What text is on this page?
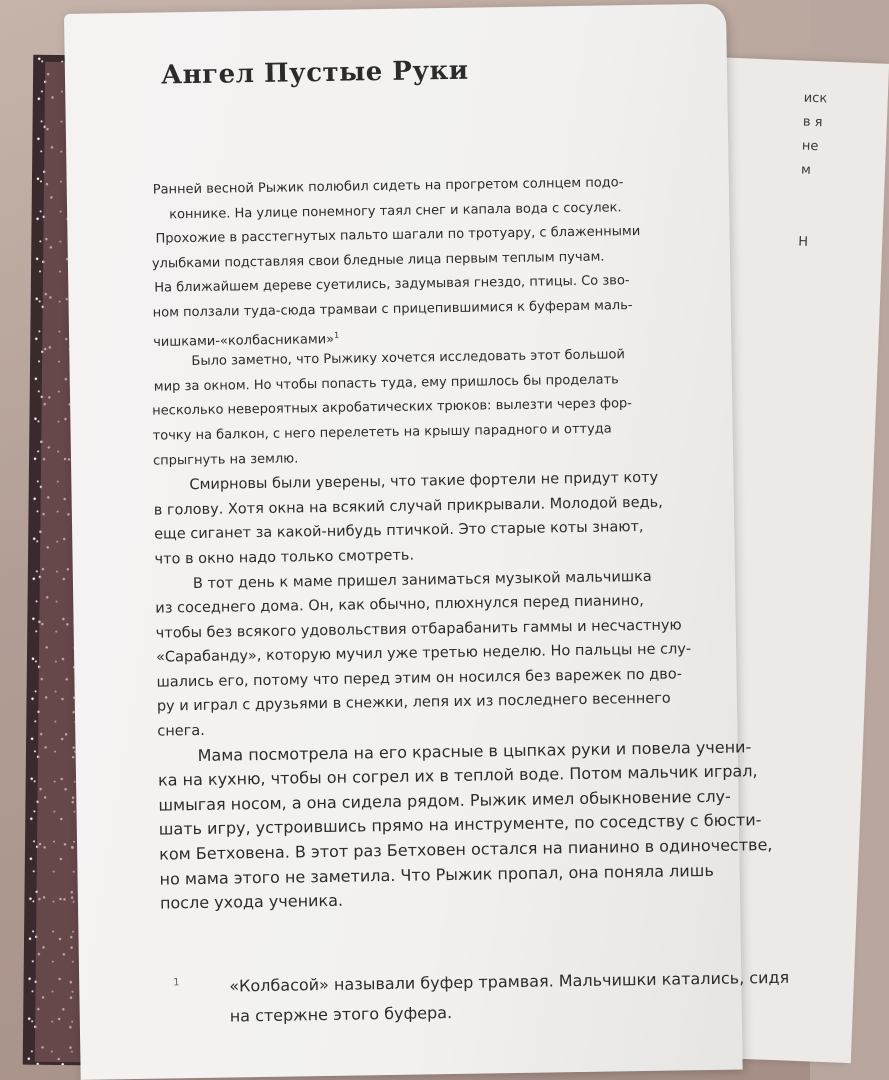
иск
в я
не
м

Н
Ангел Пустые Руки
Ранней весной Рыжик полюбил сидеть на прогретом солнцем подо-
коннике. На улице понемногу таял снег и капала вода с сосулек.
Прохожие в расстегнутых пальто шагали по тротуару, с блаженными
улыбками подставляя свои бледные лица первым теплым пучам.
На ближайшем дереве суетились, задумывая гнездо, птицы. Со зво-
ном ползали туда-сюда трамваи с прицепившимися к буферам маль-
чишками-«колбасниками»$^1$
Было заметно, что Рыжику хочется исследовать этот большой
мир за окном. Но чтобы попасть туда, ему пришлось бы проделать
несколько невероятных акробатических трюков: вылезти через фор-
точку на балкон, с него перелететь на крышу парадного и оттуда
спрыгнуть на землю.
Смирновы были уверены, что такие фортели не придут коту
в голову. Хотя окна на всякий случай прикрывали. Молодой ведь,
еще сиганет за какой-нибудь птичкой. Это старые коты знают,
что в окно надо только смотреть.
В тот день к маме пришел заниматься музыкой мальчишка
из соседнего дома. Он, как обычно, плюхнулся перед пианино,
чтобы без всякого удовольствия отбарабанить гаммы и несчастную
«Сарабанду», которую мучил уже третью неделю. Но пальцы не слу-
шались его, потому что перед этим он носился без варежек по дво-
ру и играл с друзьями в снежки, лепя их из последнего весеннего
снега.
Мама посмотрела на его красные в цыпках руки и повела учени-
ка на кухню, чтобы он согрел их в теплой воде. Потом мальчик играл,
шмыгая носом, а она сидела рядом. Рыжик имел обыкновение слу-
шать игру, устроившись прямо на инструменте, по соседству с бюсти-
ком Бетховена. В этот раз Бетховен остался на пианино в одиночестве,
но мама этого не заметила. Что Рыжик пропал, она поняла лишь
после ухода ученика.
1	«Колбасой» называли буфер трамвая. Мальчишки катались, сидя
на стержне этого буфера.
